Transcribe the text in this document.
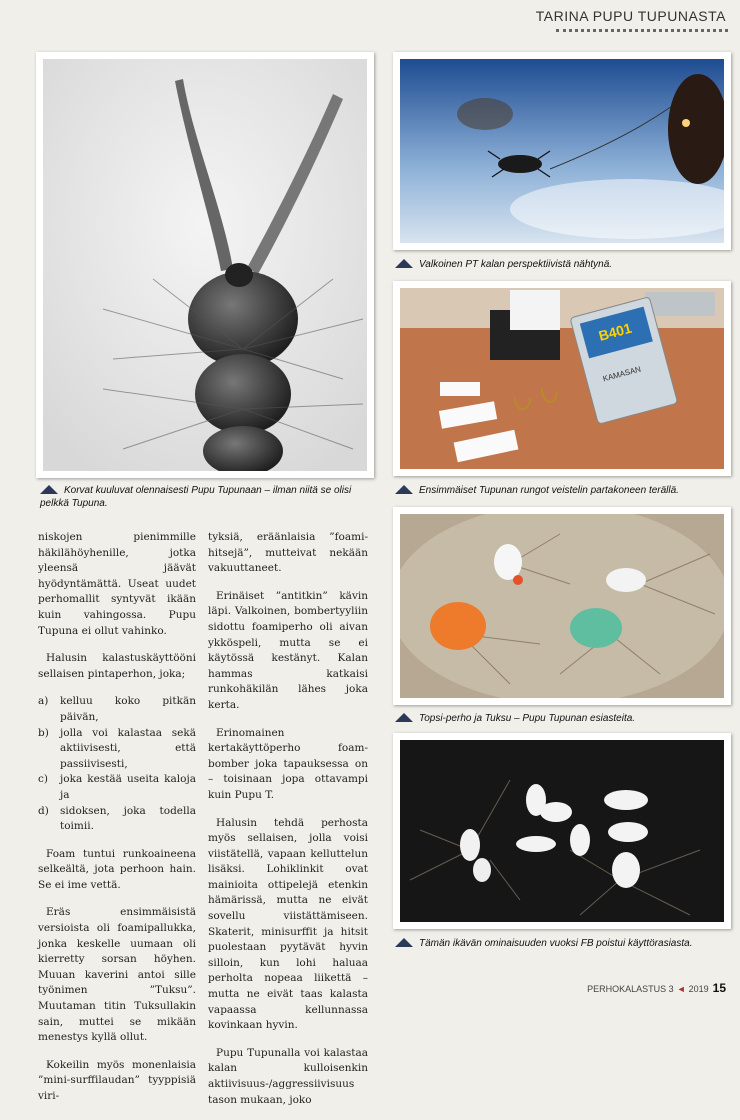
TARINA PUPU TUPUNASTA
Korvat kuuluvat olennaisesti Pupu Tupunaan – ilman niitä se olisi pelkkä Tupuna.
Valkoinen PT kalan perspektiivistä nähtynä.
B401
KAMASAN
Ensimmäiset Tupunan rungot veistelin partakoneen terällä.
Topsi-perho ja Tuksu – Pupu Tupunan esiasteita.
Tämän ikävän ominaisuuden vuoksi FB poistui käyttörasiasta.

niskojen pienimmille häkilähöyhenille, jotka yleensä jäävät hyödyntämättä. Useat uudet perhomallit syntyvät ikään kuin vahingossa. Pupu Tupuna ei ollut vahinko.

Halusin kalastuskäyttööni sellaisen pintaperhon, joka;

a)	kelluu koko pitkän päivän,
b)	jolla voi kalastaa sekä aktiivisesti, että passiivisesti,
c)	joka kestää useita kaloja ja
d)	sidoksen, joka todella toimii.

Foam tuntui runkoaineena selkeältä, jota perhoon hain. Se ei ime vettä.

Eräs ensimmäisistä versioista oli foamipallukka, jonka keskelle uumaan oli kierretty sorsan höyhen. Muuan kaverini antoi sille työnimen ”Tuksu”. Muutaman titin Tuksullakin sain, muttei se mikään menestys kyllä ollut.

Kokeilin myös monenlaisia ”mini-surffilaudan” tyyppisiä viri-

tyksiä, eräänlaisia ”foami-hitsejä”, mutteivat nekään vakuuttaneet.

Erinäiset ”antitkin” kävin läpi. Valkoinen, bombertyyliin sidottu foamiperho oli aivan ykköspeli, mutta se ei käytössä kestänyt. Kalan hammas katkaisi runkohäkilän lähes joka kerta.

Erinomainen kertakäyttöperho foam-bomber joka tapauksessa on – toisinaan jopa ottavampi kuin Pupu T.

Halusin tehdä perhosta myös sellaisen, jolla voisi viistätellä, vapaan kelluttelun lisäksi. Lohiklinkit ovat mainioita ottipelejä etenkin hämärissä, mutta ne eivät sovellu viistättämiseen. Skaterit, minisurffit ja hitsit puolestaan pyytävät hyvin silloin, kun lohi haluaa perholta nopeaa liikettä – mutta ne eivät taas kalasta vapaassa kellunnassa kovinkaan hyvin.

Pupu Tupunalla voi kalastaa kalan kulloisenkin aktiivisuus-/aggressiivisuus tason mukaan, joko

PERHOKALASTUS 3 ◄ 2019 15
